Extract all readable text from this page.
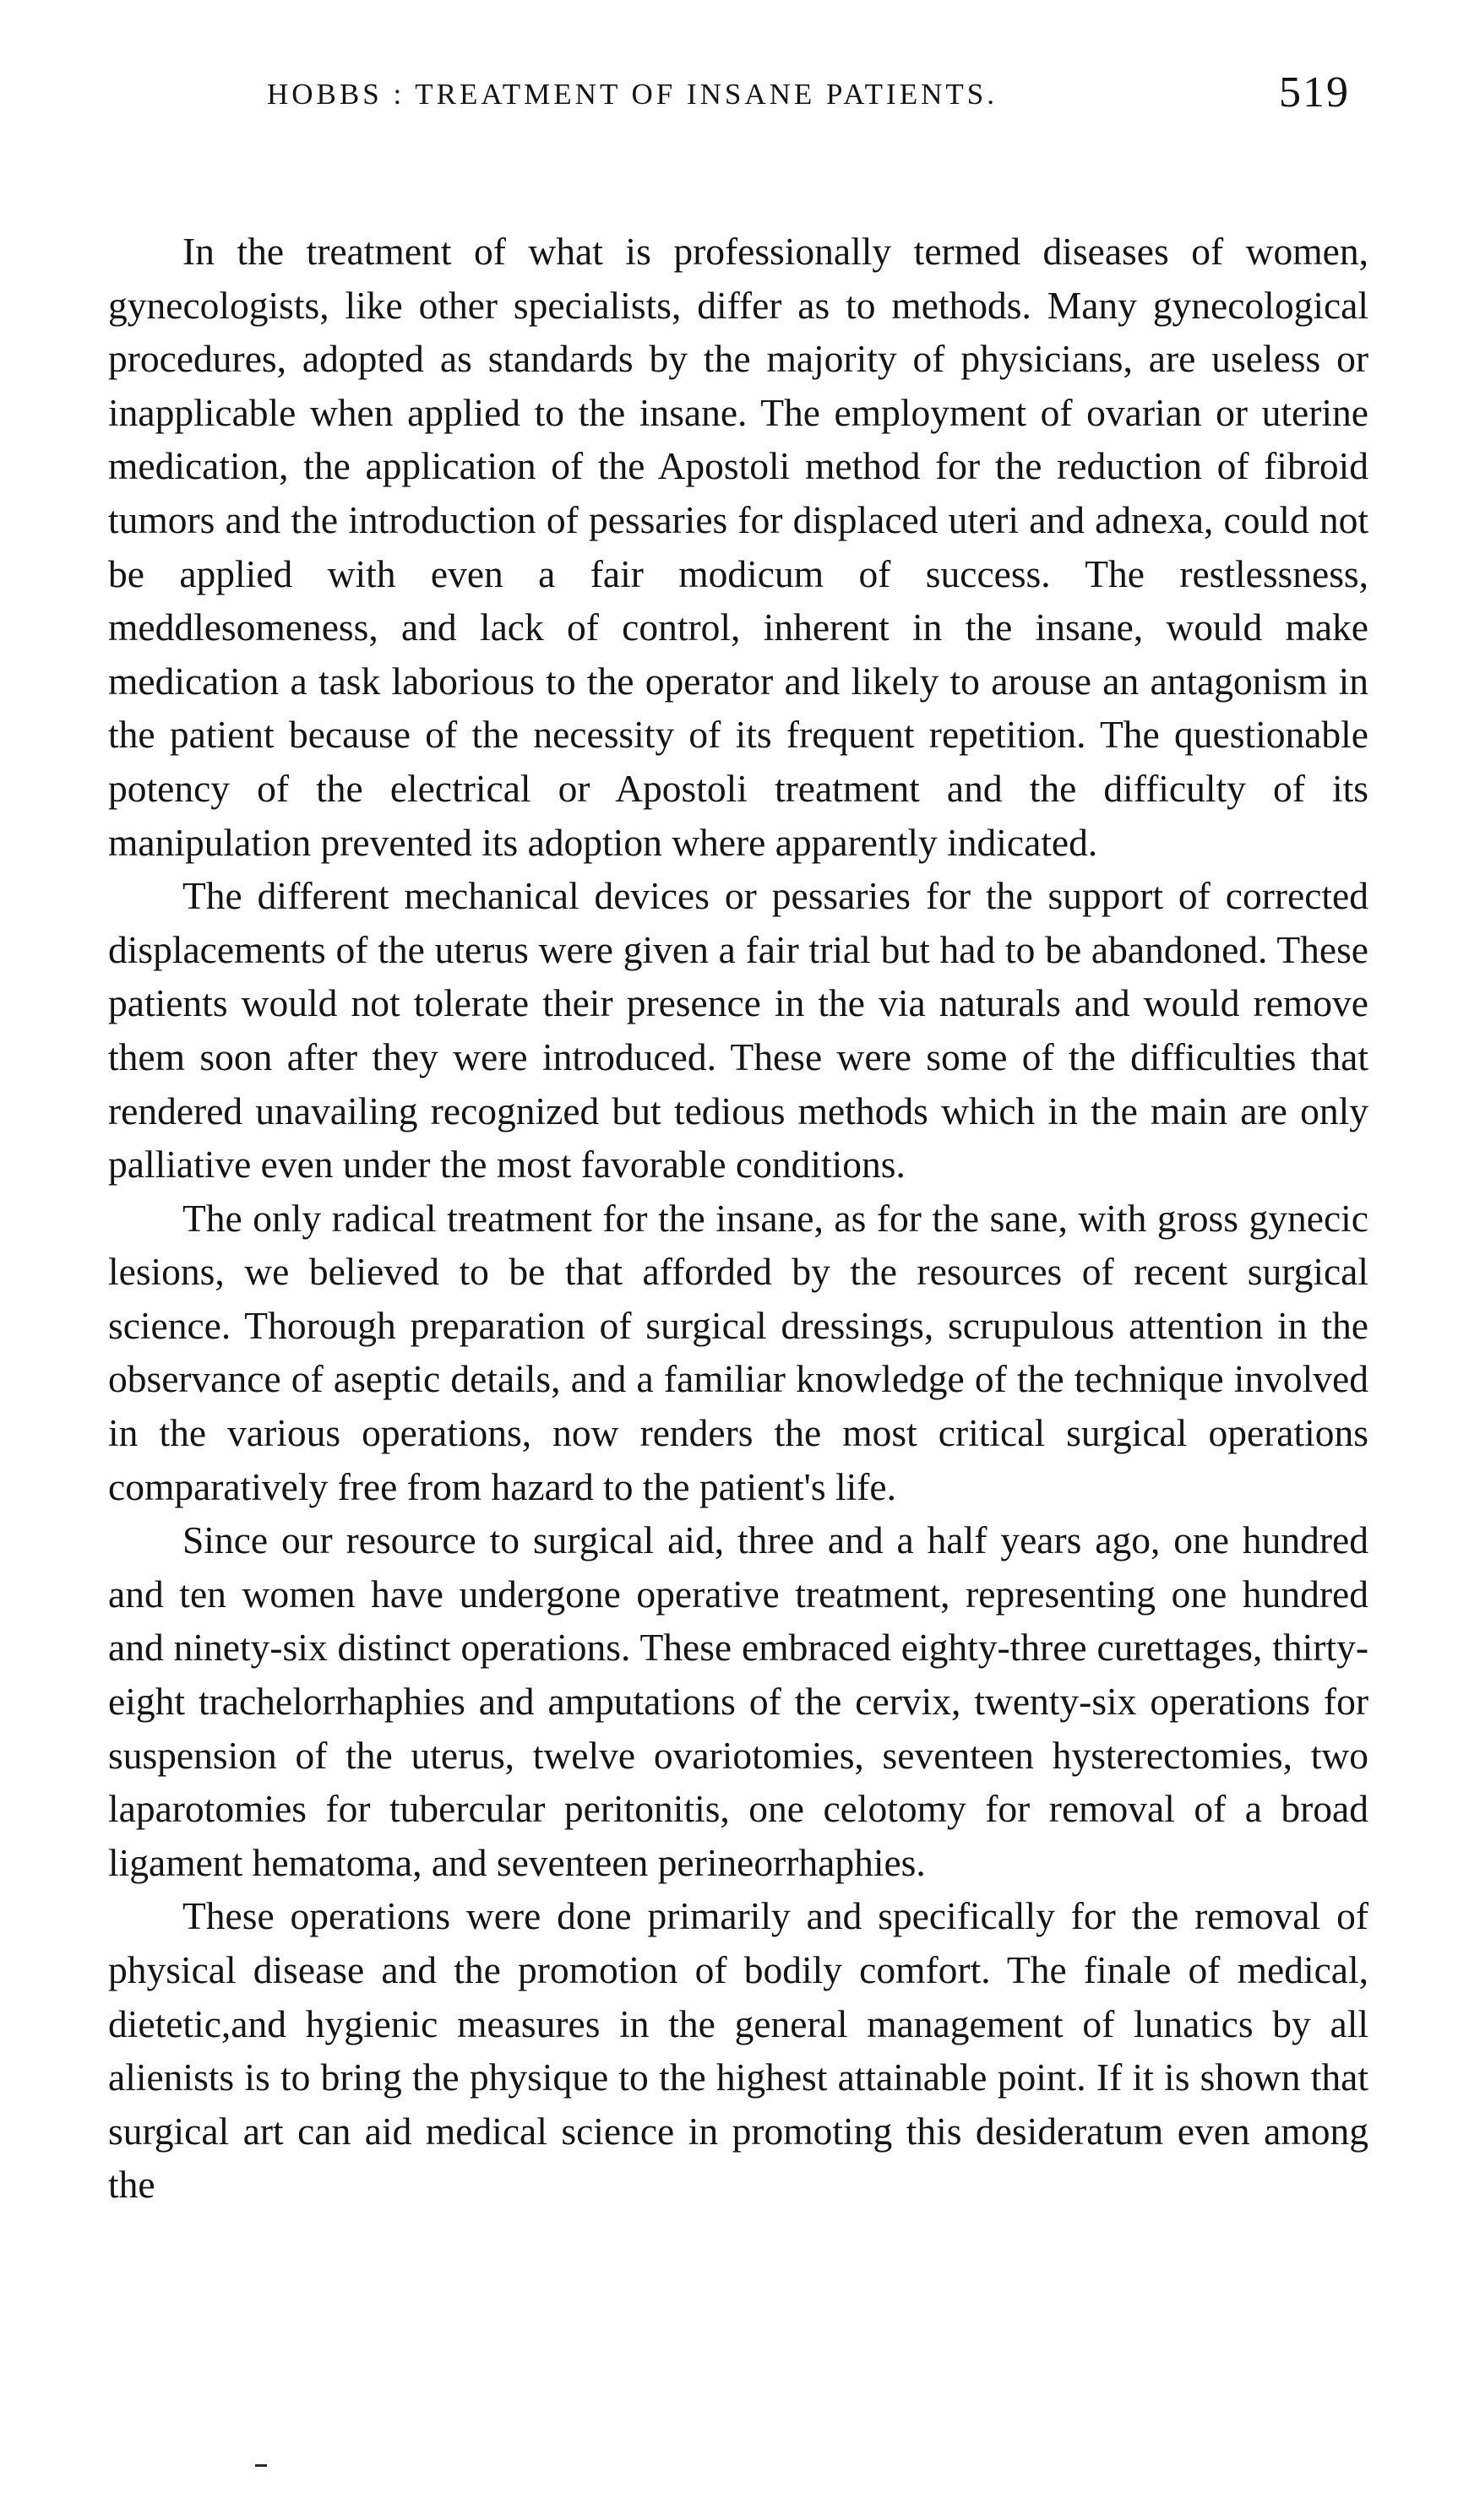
HOBBS : TREATMENT OF INSANE PATIENTS.	519

In the treatment of what is professionally termed diseases of women, gynecologists, like other specialists, differ as to methods. Many gynecological procedures, adopted as standards by the majority of physicians, are useless or inapplicable when applied to the insane. The employment of ovarian or uterine medication, the application of the Apostoli method for the reduction of fibroid tumors and the introduction of pessaries for displaced uteri and adnexa, could not be applied with even a fair modicum of success. The restlessness, meddlesomeness, and lack of control, inherent in the insane, would make medication a task laborious to the operator and likely to arouse an antagonism in the patient because of the necessity of its frequent repetition. The questionable potency of the electrical or Apostoli treatment and the difficulty of its manipulation prevented its adoption where apparently indicated.

The different mechanical devices or pessaries for the support of corrected displacements of the uterus were given a fair trial but had to be abandoned. These patients would not tolerate their presence in the via naturals and would remove them soon after they were introduced. These were some of the difficulties that rendered unavailing recognized but tedious methods which in the main are only palliative even under the most favorable conditions.

The only radical treatment for the insane, as for the sane, with gross gynecic lesions, we believed to be that afforded by the resources of recent surgical science. Thorough preparation of surgical dressings, scrupulous attention in the observance of aseptic details, and a familiar knowledge of the technique involved in the various operations, now renders the most critical surgical operations comparatively free from hazard to the patient's life.

Since our resource to surgical aid, three and a half years ago, one hundred and ten women have undergone operative treatment, representing one hundred and ninety-six distinct operations. These embraced eighty-three curettages, thirty-eight trachelorrhaphies and amputations of the cervix, twenty-six operations for suspension of the uterus, twelve ovariotomies, seventeen hysterectomies, two laparotomies for tubercular peritonitis, one celotomy for removal of a broad ligament hematoma, and seventeen perineorrhaphies.

These operations were done primarily and specifically for the removal of physical disease and the promotion of bodily comfort. The finale of medical, dietetic,and hygienic measures in the general management of lunatics by all alienists is to bring the physique to the highest attainable point. If it is shown that surgical art can aid medical science in promoting this desideratum even among the
